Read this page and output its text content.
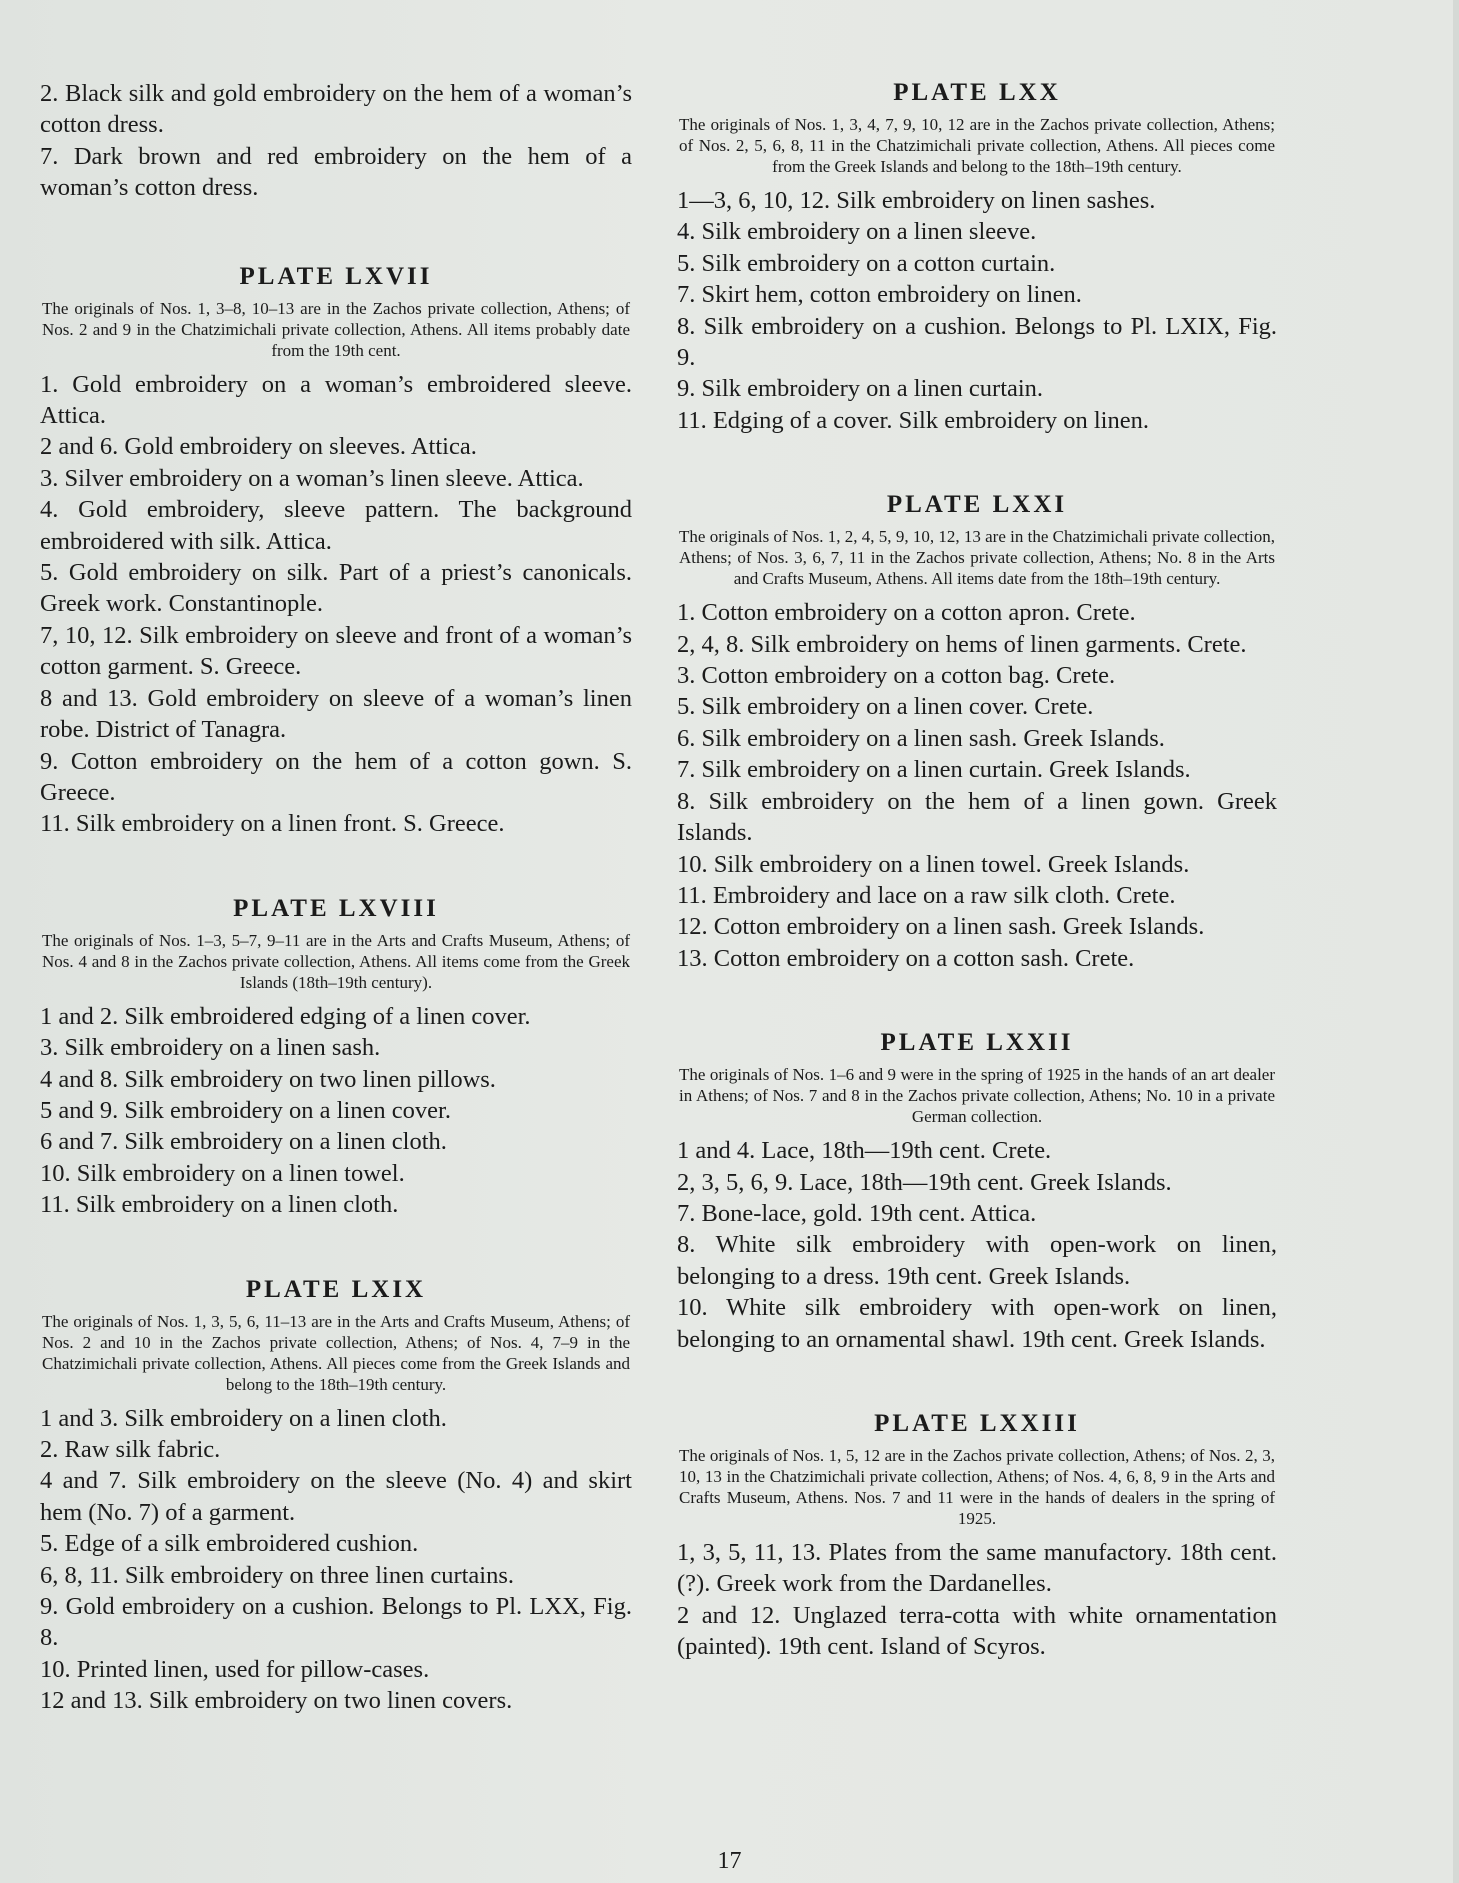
2. Black silk and gold embroidery on the hem of a woman’s cotton dress.

7. Dark brown and red embroidery on the hem of a woman’s cotton dress.

PLATE LXVII

The originals of Nos. 1, 3–8, 10–13 are in the Zachos private collection, Athens; of Nos. 2 and 9 in the Chatzimichali private collection, Athens. All items probably date from the 19th cent.

1. Gold embroidery on a woman’s embroidered sleeve. Attica.

2 and 6. Gold embroidery on sleeves. Attica.

3. Silver embroidery on a woman’s linen sleeve. Attica.

4. Gold embroidery, sleeve pattern. The background embroidered with silk. Attica.

5. Gold embroidery on silk. Part of a priest’s canonicals. Greek work. Constantinople.

7, 10, 12. Silk embroidery on sleeve and front of a woman’s cotton garment. S. Greece.

8 and 13. Gold embroidery on sleeve of a woman’s linen robe. District of Tanagra.

9. Cotton embroidery on the hem of a cotton gown. S. Greece.

11. Silk embroidery on a linen front. S. Greece.

PLATE LXVIII

The originals of Nos. 1–3, 5–7, 9–11 are in the Arts and Crafts Museum, Athens; of Nos. 4 and 8 in the Zachos private collection, Athens. All items come from the Greek Islands (18th–19th century).

1 and 2. Silk embroidered edging of a linen cover.

3. Silk embroidery on a linen sash.

4 and 8. Silk embroidery on two linen pillows.

5 and 9. Silk embroidery on a linen cover.

6 and 7. Silk embroidery on a linen cloth.

10. Silk embroidery on a linen towel.

11. Silk embroidery on a linen cloth.

PLATE LXIX

The originals of Nos. 1, 3, 5, 6, 11–13 are in the Arts and Crafts Museum, Athens; of Nos. 2 and 10 in the Zachos private collection, Athens; of Nos. 4, 7–9 in the Chatzimichali private collection, Athens. All pieces come from the Greek Islands and belong to the 18th–19th century.

1 and 3. Silk embroidery on a linen cloth.

2. Raw silk fabric.

4 and 7. Silk embroidery on the sleeve (No. 4) and skirt hem (No. 7) of a garment.

5. Edge of a silk embroidered cushion.

6, 8, 11. Silk embroidery on three linen curtains.

9. Gold embroidery on a cushion. Belongs to Pl. LXX, Fig. 8.

10. Printed linen, used for pillow-cases.

12 and 13. Silk embroidery on two linen covers.

PLATE LXX

The originals of Nos. 1, 3, 4, 7, 9, 10, 12 are in the Zachos private collection, Athens; of Nos. 2, 5, 6, 8, 11 in the Chatzimichali private collection, Athens. All pieces come from the Greek Islands and belong to the 18th–19th century.

1—3, 6, 10, 12. Silk embroidery on linen sashes.

4. Silk embroidery on a linen sleeve.

5. Silk embroidery on a cotton curtain.

7. Skirt hem, cotton embroidery on linen.

8. Silk embroidery on a cushion. Belongs to Pl. LXIX, Fig. 9.

9. Silk embroidery on a linen curtain.

11. Edging of a cover. Silk embroidery on linen.

PLATE LXXI

The originals of Nos. 1, 2, 4, 5, 9, 10, 12, 13 are in the Chatzimichali private collection, Athens; of Nos. 3, 6, 7, 11 in the Zachos private collection, Athens; No. 8 in the Arts and Crafts Museum, Athens. All items date from the 18th–19th century.

1. Cotton embroidery on a cotton apron. Crete.

2, 4, 8. Silk embroidery on hems of linen garments. Crete.

3. Cotton embroidery on a cotton bag. Crete.

5. Silk embroidery on a linen cover. Crete.

6. Silk embroidery on a linen sash. Greek Islands.

7. Silk embroidery on a linen curtain. Greek Islands.

8. Silk embroidery on the hem of a linen gown. Greek Islands.

10. Silk embroidery on a linen towel. Greek Islands.

11. Embroidery and lace on a raw silk cloth. Crete.

12. Cotton embroidery on a linen sash. Greek Islands.

13. Cotton embroidery on a cotton sash. Crete.

PLATE LXXII

The originals of Nos. 1–6 and 9 were in the spring of 1925 in the hands of an art dealer in Athens; of Nos. 7 and 8 in the Zachos private collection, Athens; No. 10 in a private German collection.

1 and 4. Lace, 18th—19th cent. Crete.

2, 3, 5, 6, 9. Lace, 18th—19th cent. Greek Islands.

7. Bone-lace, gold. 19th cent. Attica.

8. White silk embroidery with open-work on linen, belonging to a dress. 19th cent. Greek Islands.

10. White silk embroidery with open-work on linen, belonging to an ornamental shawl. 19th cent. Greek Islands.

PLATE LXXIII

The originals of Nos. 1, 5, 12 are in the Zachos private collection, Athens; of Nos. 2, 3, 10, 13 in the Chatzimichali private collection, Athens; of Nos. 4, 6, 8, 9 in the Arts and Crafts Museum, Athens. Nos. 7 and 11 were in the hands of dealers in the spring of 1925.

1, 3, 5, 11, 13. Plates from the same manufactory. 18th cent. (?). Greek work from the Dardanelles.

2 and 12. Unglazed terra-cotta with white ornamentation (painted). 19th cent. Island of Scyros.

17
